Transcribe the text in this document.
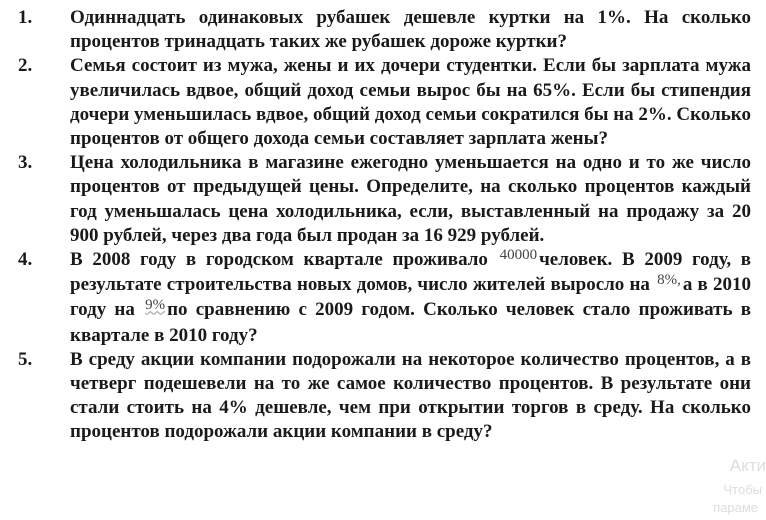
1.	Одиннадцать одинаковых рубашек дешевле куртки на 1%. На сколько процентов тринадцать таких же рубашек дороже куртки?
2.	Семья состоит из мужа, жены и их дочери студентки. Если бы зарплата мужа увеличилась вдвое, общий доход семьи вырос бы на 65%. Если бы стипендия дочери уменьшилась вдвое, общий доход семьи сократился бы на 2%. Сколько процентов от общего дохода семьи составляет зарплата жены?
3.	Цена холодильника в магазине ежегодно уменьшается на одно и то же число процентов от предыдущей цены. Определите, на сколько процентов каждый год уменьшалась цена холодильника, если, выставленный на продажу за 20 900 рублей, через два года был продан за 16 929 рублей.
4.	В 2008 году в городском квартале проживало $^{40000}$ человек. В 2009 году, в результате строительства новых домов, число жителей выросло на $^{8\%,}$ а в 2010 году на $^{9\%}$ по сравнению с 2009 годом. Сколько человек стало проживать в квартале в 2010 году?
5.	В среду акции компании подорожали на некоторое количество процентов, а в четверг подешевели на то же самое количество процентов. В результате они стали стоить на 4% дешевле, чем при открытии торгов в среду. На сколько процентов подорожали акции компании в среду?
Акти
Чтобы
параме
